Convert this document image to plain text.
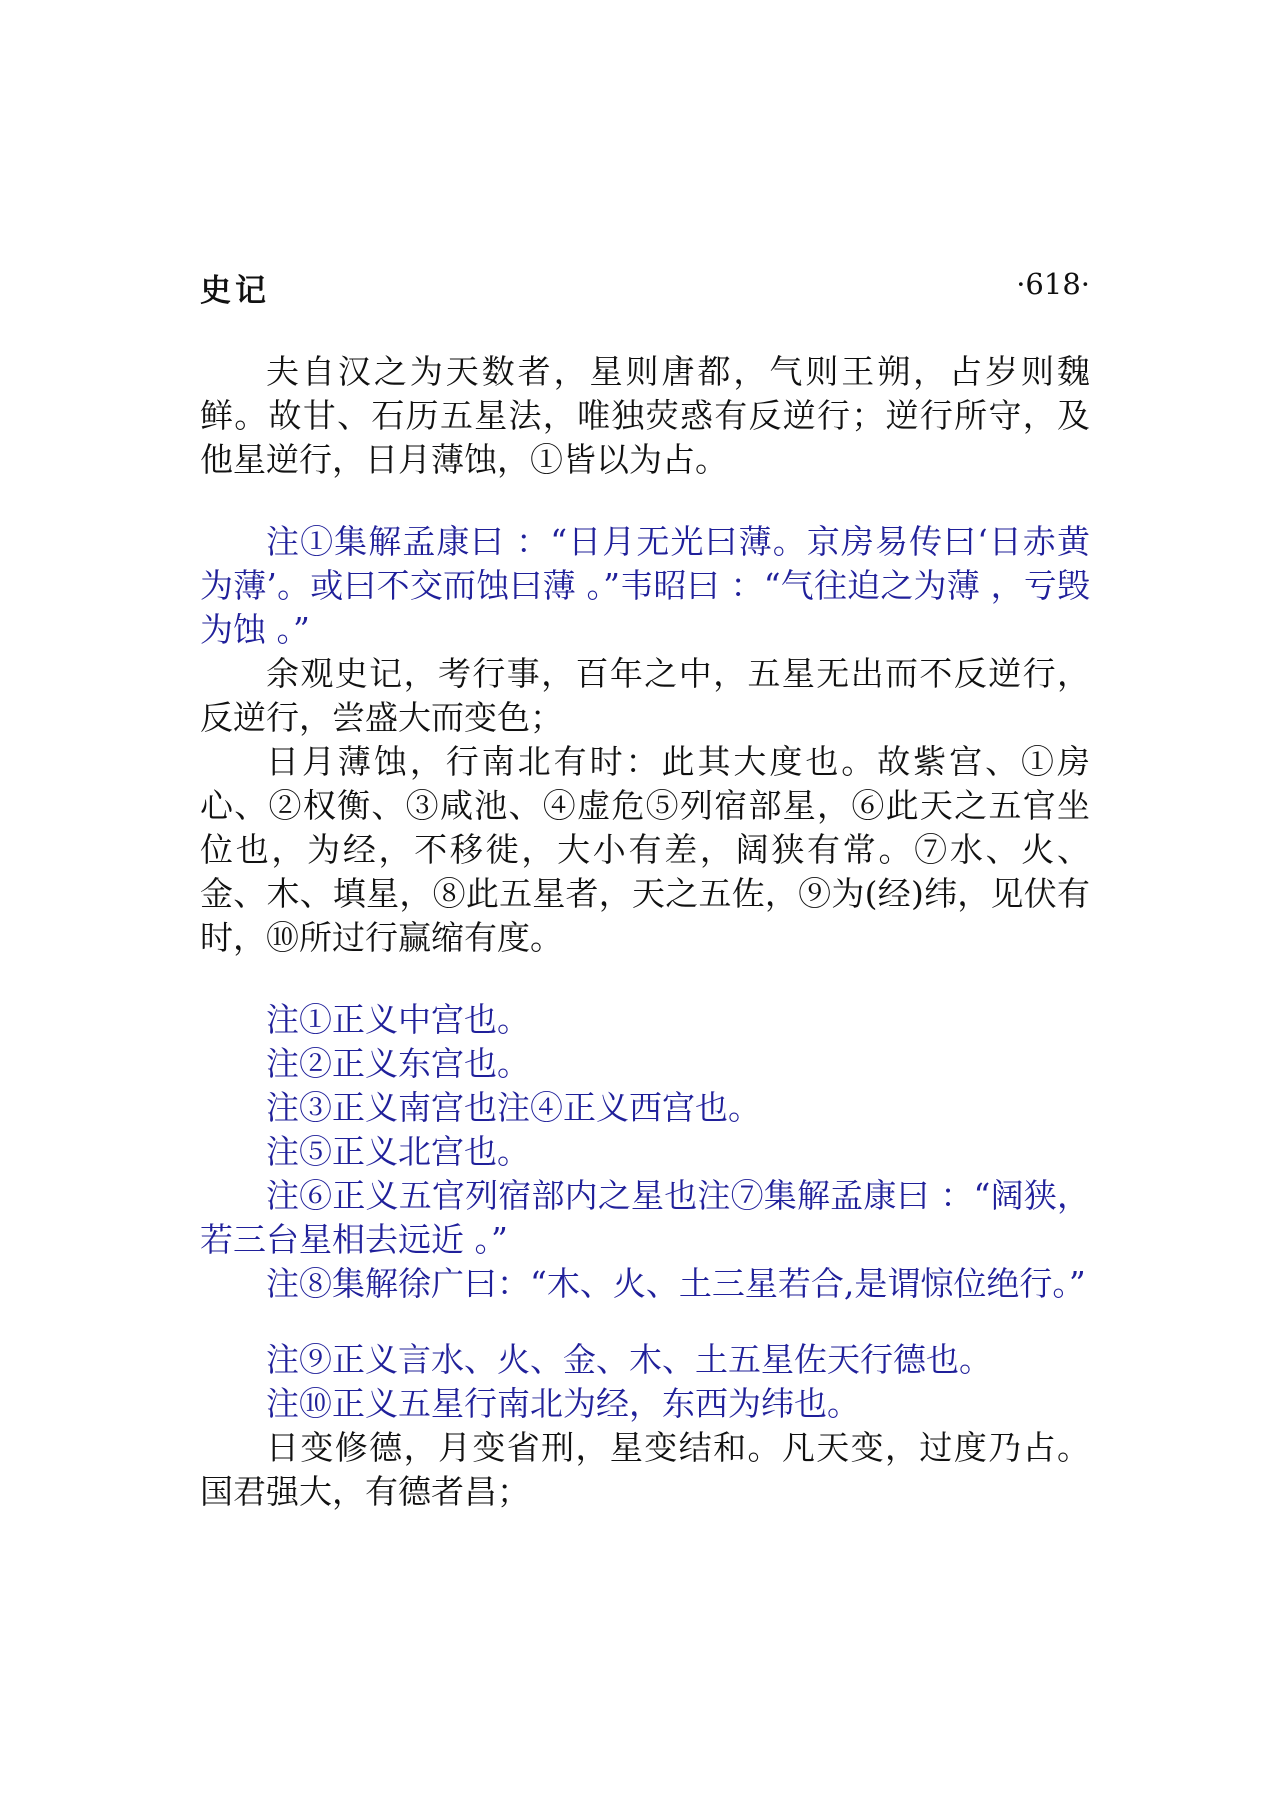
史记	·618·

夫自汉之为天数者，星则唐都，气则王朔，占岁则魏鲜。故甘、石历五星法，唯独荧惑有反逆行；逆行所守，及他星逆行，日月薄蚀，①皆以为占。

注①集解孟康曰 ：“日月无光曰薄。京房易传曰‘日赤黄为薄’。或曰不交而蚀曰薄 。”韦昭曰 ：“气往迫之为薄 ，亏毁为蚀 。”

余观史记，考行事，百年之中，五星无出而不反逆行，反逆行，尝盛大而变色；

日月薄蚀，行南北有时：此其大度也。故紫宫、①房心、②权衡、③咸池、④虚危⑤列宿部星，⑥此天之五官坐位也，为经，不移徙，大小有差，阔狭有常。⑦水、火、金、木、填星，⑧此五星者，天之五佐，⑨为(经)纬，见伏有时，⑩所过行赢缩有度。

注①正义中宫也。

注②正义东宫也。

注③正义南宫也注④正义西宫也。

注⑤正义北宫也。

注⑥正义五官列宿部内之星也注⑦集解孟康曰 ：“阔狭，若三台星相去远近 。”

注⑧集解徐广曰：“木、火、土三星若合,是谓惊位绝行。”

注⑨正义言水、火、金、木、土五星佐天行德也。

注⑩正义五星行南北为经，东西为纬也。

日变修德，月变省刑，星变结和。凡天变，过度乃占。国君强大，有德者昌；
